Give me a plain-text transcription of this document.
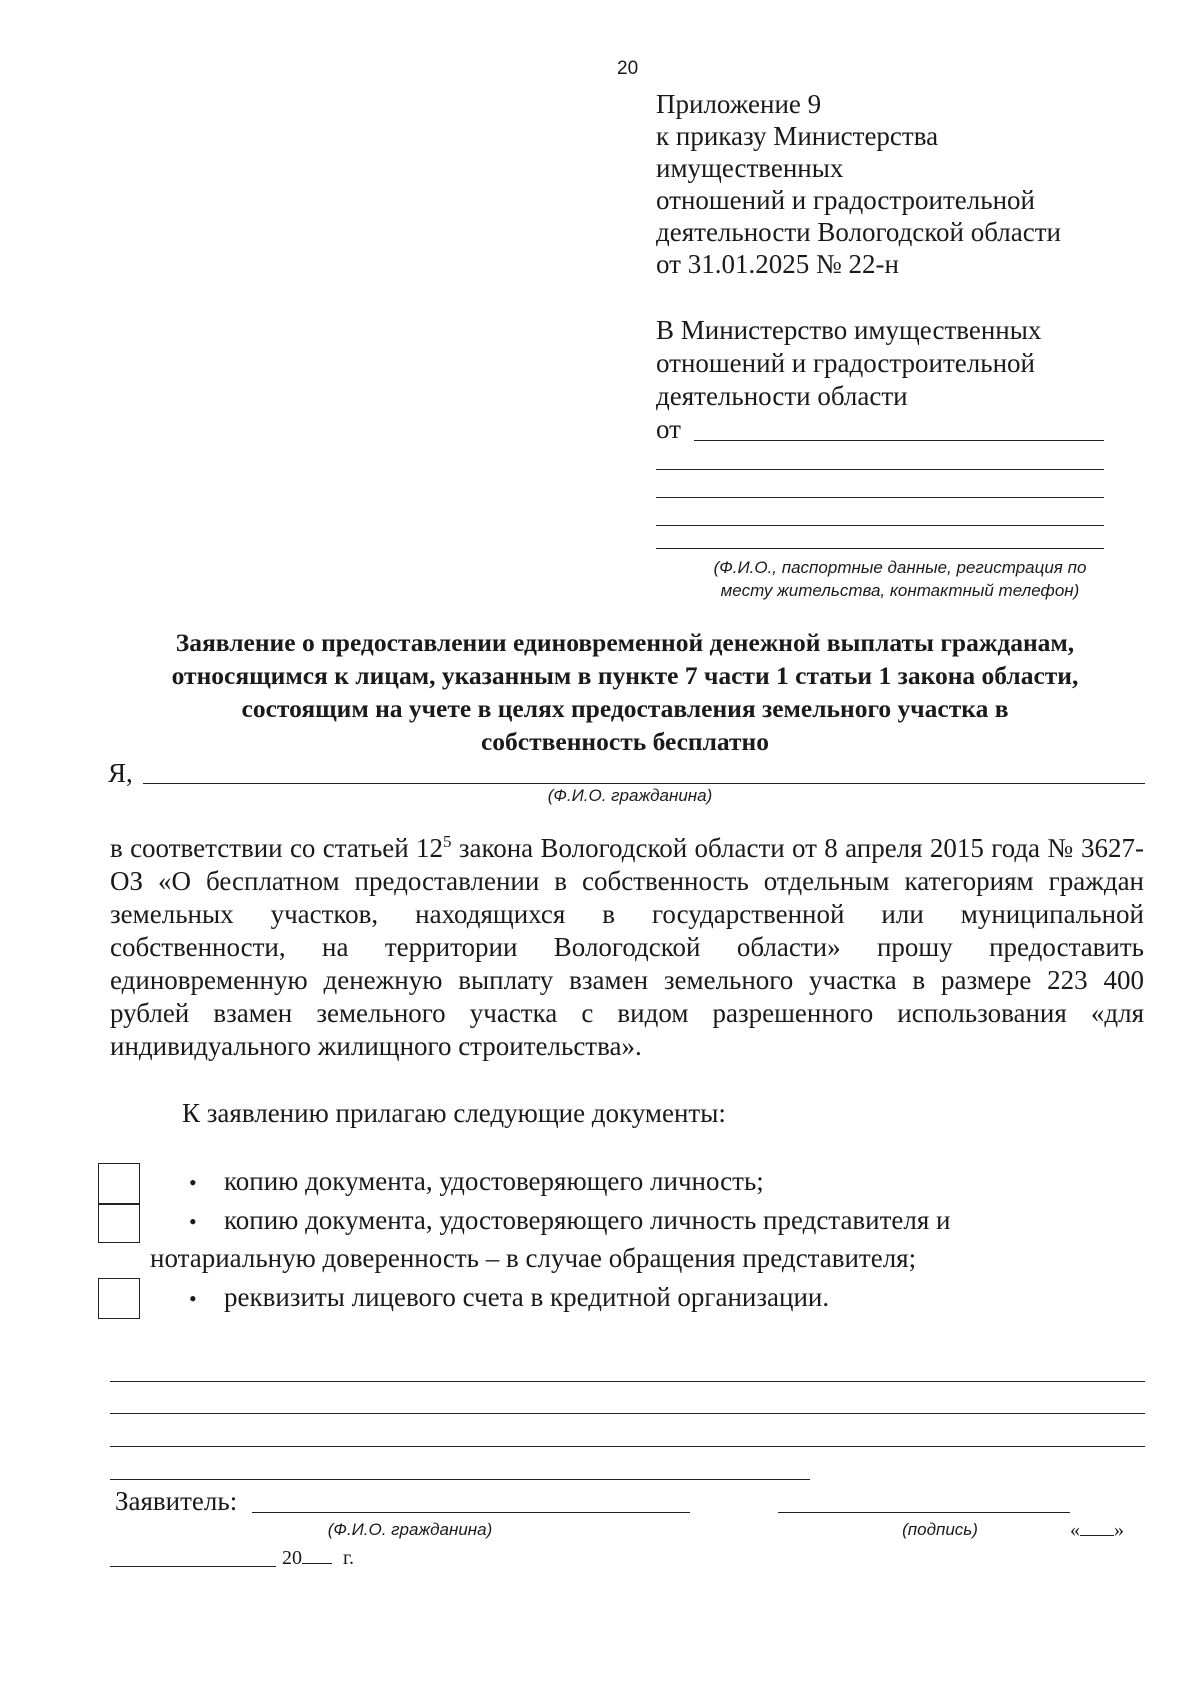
20
Приложение 9
к приказу Министерства
имущественных
отношений и градостроительной
деятельности Вологодской области
от 31.01.2025 № 22-н
В Министерство имущественных
отношений и градостроительной
деятельности области
от
(Ф.И.О., паспортные данные, регистрация по
месту жительства, контактный телефон)
Заявление о предоставлении единовременной денежной выплаты гражданам,
относящимся к лицам, указанным в пункте 7 части 1 статьи 1 закона области,
состоящим на учете в целях предоставления земельного участка в
собственность бесплатно
Я,
(Ф.И.О. гражданина)

в соответствии со статьей $12^5$ закона Вологодской области от 8 апреля 2015 года № 3627-ОЗ «О бесплатном предоставлении в собственность отдельным категориям граждан земельных участков, находящихся в государственной или муниципальной собственности, на территории Вологодской области» прошу предоставить единовременную денежную выплату взамен земельного участка в размере 223 400 рублей взамен земельного участка с видом разрешенного использования «для индивидуального жилищного строительства».

К заявлению прилагаю следующие документы:
• копию документа, удостоверяющего личность;
• копию документа, удостоверяющего личность представителя и
нотариальную доверенность – в случае обращения представителя;
• реквизиты лицевого счета в кредитной организации.
Заявитель:
(Ф.И.О. гражданина)	(подпись)	« »
20 г.
